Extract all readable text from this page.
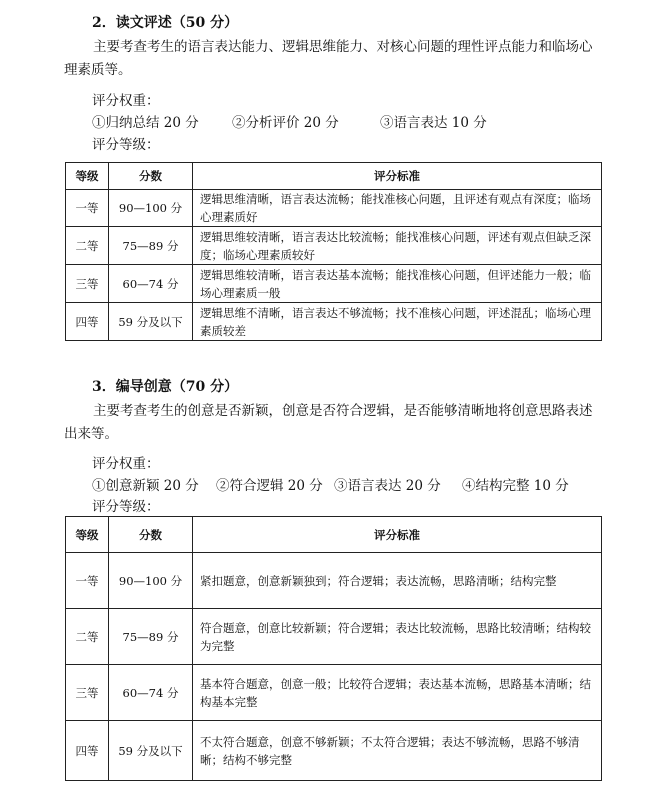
2．读文评述（50 分）
主要考查考生的语言表达能力、逻辑思维能力、对核心问题的理性评点能力和临场心理素质等。
评分权重：
①归纳总结 20 分 ②分析评价 20 分	③语言表达 10 分
评分等级：
等级	分数	评分标准
一等	90—100 分	逻辑思维清晰，语言表达流畅；能找准核心问题，且评述有观点有深度；临场心理素质好
二等	75—89 分	逻辑思维较清晰，语言表达比较流畅；能找准核心问题，评述有观点但缺乏深度；临场心理素质较好
三等	60—74 分	逻辑思维较清晰，语言表达基本流畅；能找准核心问题，但评述能力一般；临场心理素质一般
四等	59 分及以下	逻辑思维不清晰，语言表达不够流畅；找不准核心问题，评述混乱；临场心理素质较差
3．编导创意（70 分）
主要考查考生的创意是否新颖，创意是否符合逻辑，是否能够清晰地将创意思路表述出来等。
评分权重：
①创意新颖 20 分 ②符合逻辑 20 分 ③语言表达 20 分 ④结构完整 10 分
评分等级：
等级	分数	评分标准
一等	90—100 分	紧扣题意，创意新颖独到；符合逻辑；表达流畅，思路清晰；结构完整
二等	75—89 分	符合题意，创意比较新颖；符合逻辑；表达比较流畅，思路比较清晰；结构较为完整
三等	60—74 分	基本符合题意，创意一般；比较符合逻辑；表达基本流畅，思路基本清晰；结构基本完整
四等	59 分及以下	不太符合题意，创意不够新颖；不太符合逻辑；表达不够流畅，思路不够清晰；结构不够完整
